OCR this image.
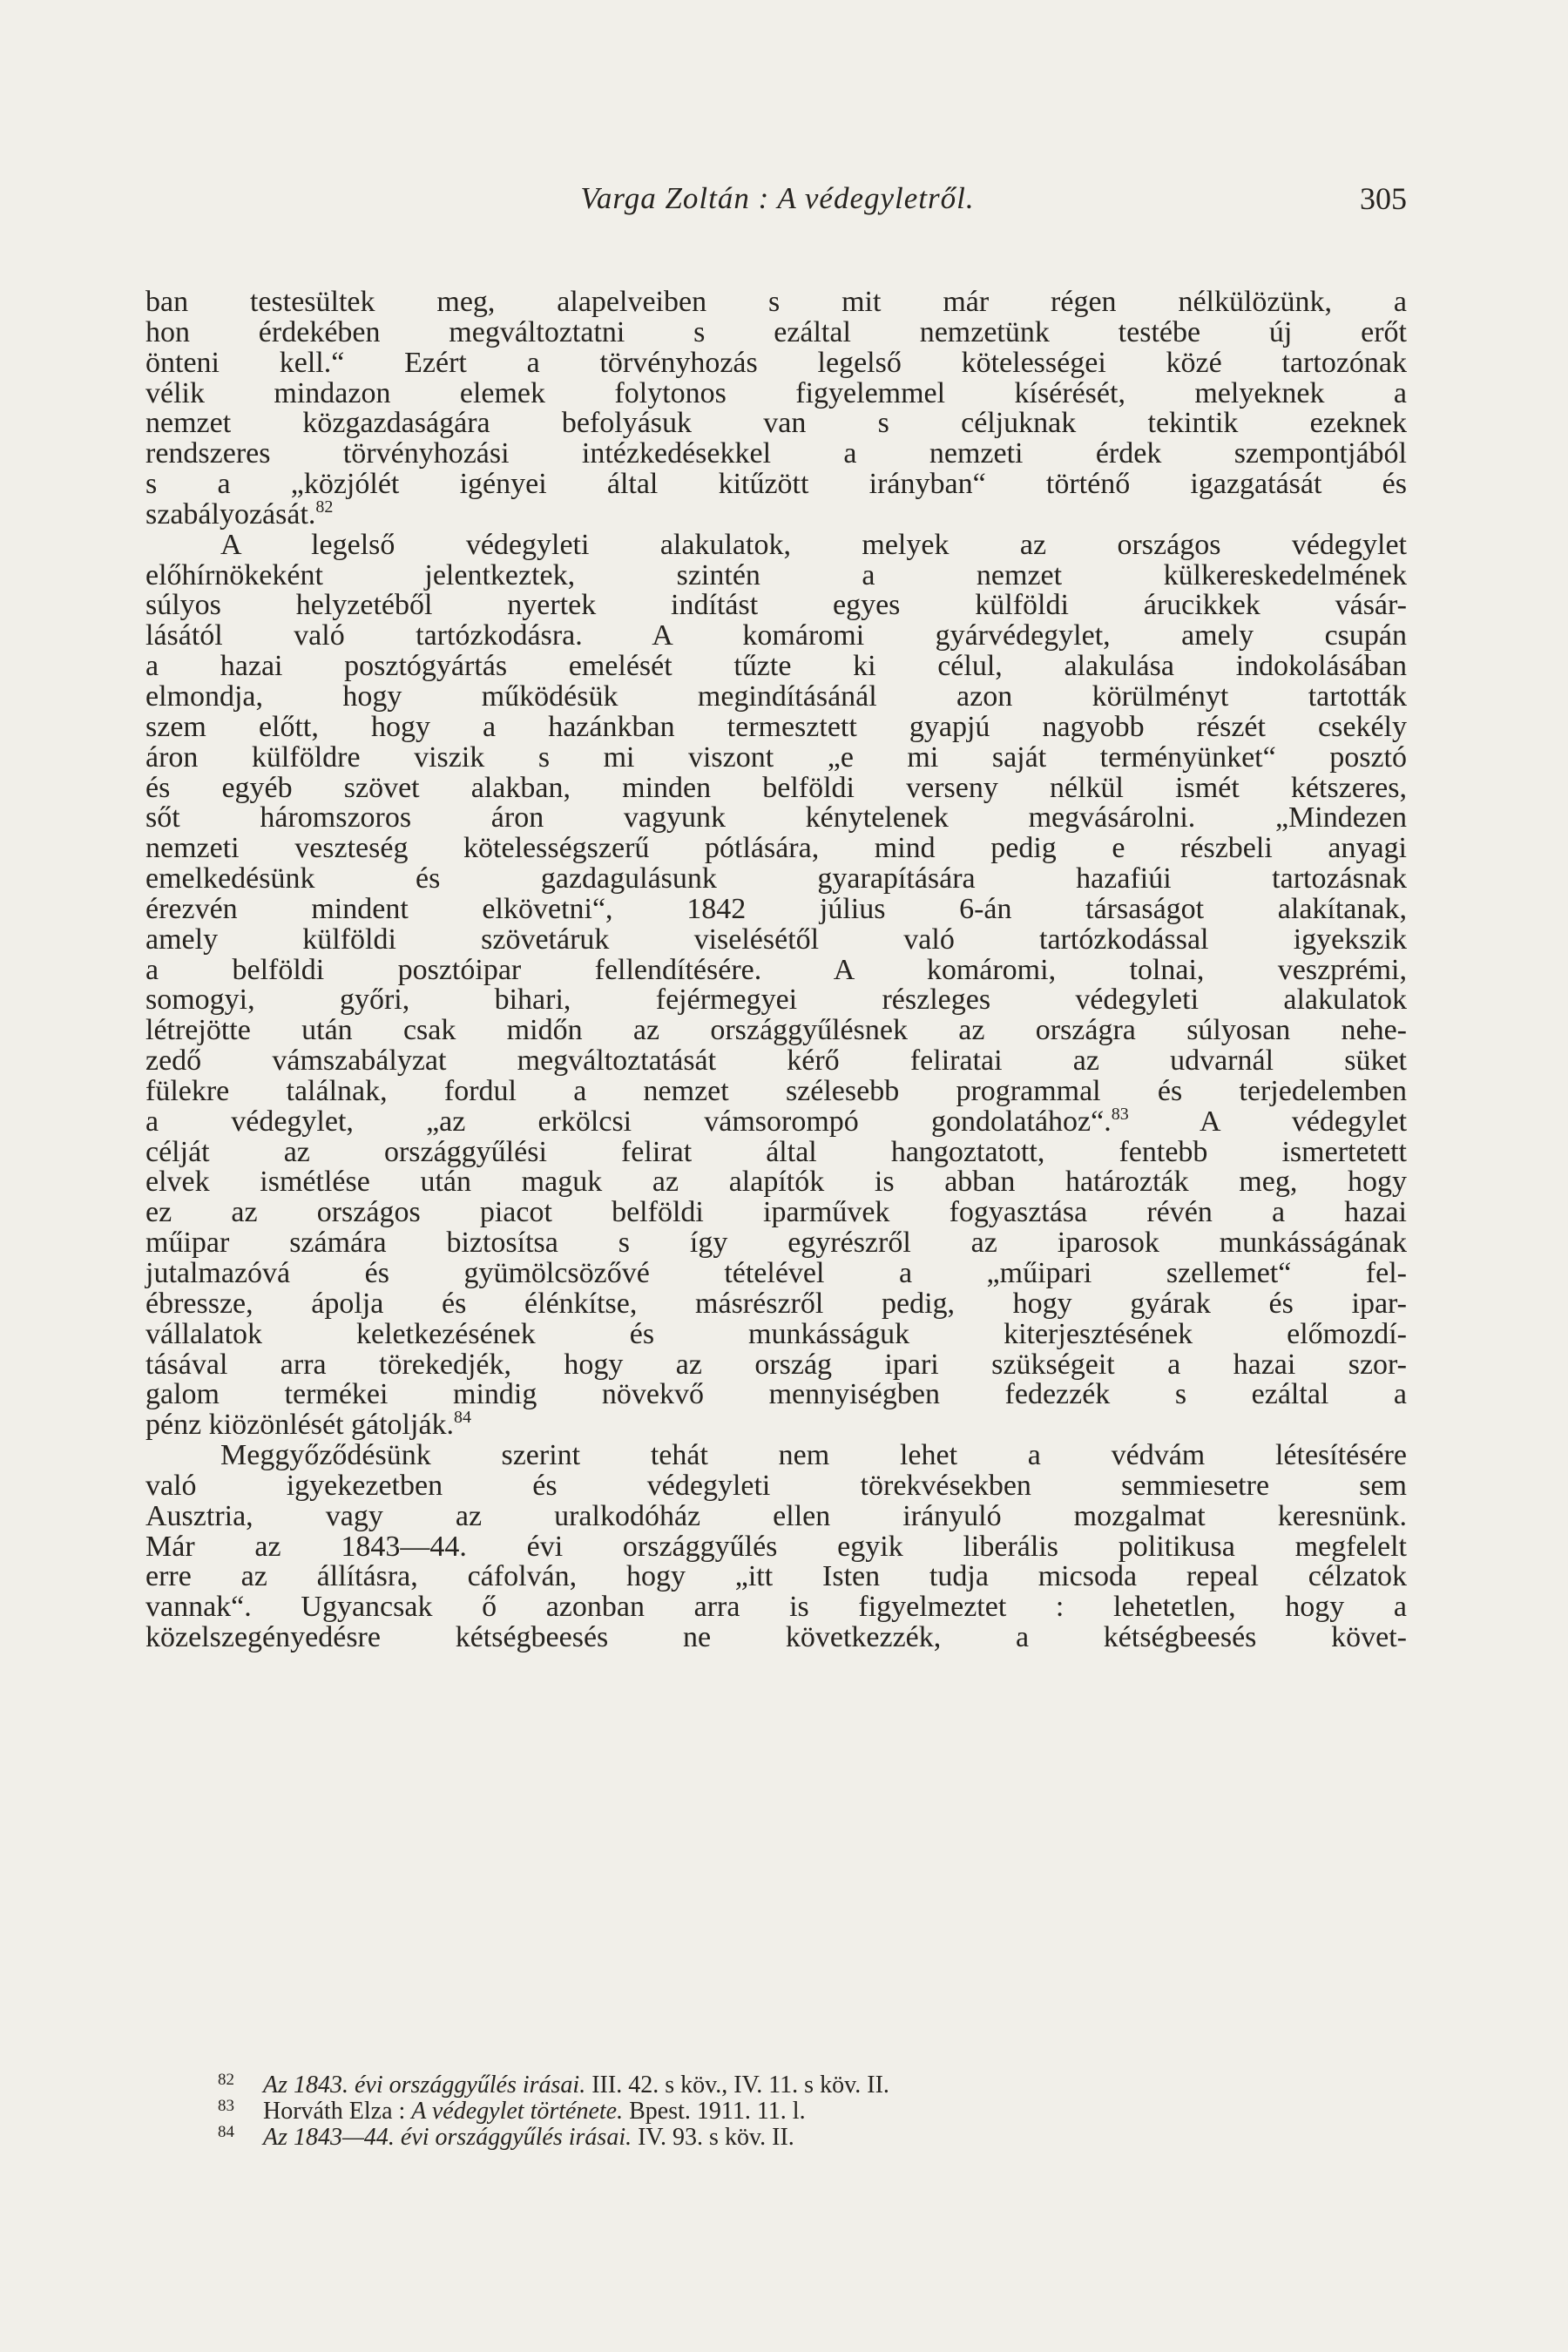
Varga Zoltán : A védegyletről.	305
ban testesültek meg, alapelveiben s mit már régen nélkülözünk, a
hon érdekében megváltoztatni s ezáltal nemzetünk testébe új erőt
önteni kell.“ Ezért a törvényhozás legelső kötelességei közé tartozónak
vélik mindazon elemek folytonos figyelemmel kísérését, melyeknek a
nemzet közgazdaságára befolyásuk van s céljuknak tekintik ezeknek
rendszeres törvényhozási intézkedésekkel a nemzeti érdek szempontjából
s a „közjólét igényei által kitűzött irányban“ történő igazgatását és
szabályozását.$^{82}$
A legelső védegyleti alakulatok, melyek az országos védegylet
előhírnökeként jelentkeztek, szintén a nemzet külkereskedelmének
súlyos helyzetéből nyertek indítást egyes külföldi árucikkek vásár-
lásától való tartózkodásra. A komáromi gyárvédegylet, amely csupán
a hazai posztógyártás emelését tűzte ki célul, alakulása indokolásában
elmondja, hogy működésük megindításánál azon körülményt tartották
szem előtt, hogy a hazánkban termesztett gyapjú nagyobb részét csekély
áron külföldre viszik s mi viszont „e mi saját terményünket“ posztó
és egyéb szövet alakban, minden belföldi verseny nélkül ismét kétszeres,
sőt háromszoros áron vagyunk kénytelenek megvásárolni. „Mindezen
nemzeti veszteség kötelességszerű pótlására, mind pedig e részbeli anyagi
emelkedésünk és gazdagulásunk gyarapítására hazafiúi tartozásnak
érezvén mindent elkövetni“, 1842 július 6-án társaságot alakítanak,
amely külföldi szövetáruk viselésétől való tartózkodással igyekszik
a belföldi posztóipar fellendítésére. A komáromi, tolnai, veszprémi,
somogyi, győri, bihari, fejérmegyei részleges védegyleti alakulatok
létrejötte után csak midőn az országgyűlésnek az országra súlyosan nehe-
zedő vámszabályzat megváltoztatását kérő feliratai az udvarnál süket
fülekre találnak, fordul a nemzet szélesebb programmal és terjedelemben
a védegylet, „az erkölcsi vámsorompó gondolatához“.$^{83}$ A védegylet
célját az országgyűlési felirat által hangoztatott, fentebb ismertetett
elvek ismétlése után maguk az alapítók is abban határozták meg, hogy
ez az országos piacot belföldi iparművek fogyasztása révén a hazai
műipar számára biztosítsa s így egyrészről az iparosok munkásságának
jutalmazóvá és gyümölcsözővé tételével a „műipari szellemet“ fel-
ébressze, ápolja és élénkítse, másrészről pedig, hogy gyárak és ipar-
vállalatok keletkezésének és munkásságuk kiterjesztésének előmozdí-
tásával arra törekedjék, hogy az ország ipari szükségeit a hazai szor-
galom termékei mindig növekvő mennyiségben fedezzék s ezáltal a
pénz kiözönlését gátolják.$^{84}$
Meggyőződésünk szerint tehát nem lehet a védvám létesítésére
való igyekezetben és védegyleti törekvésekben semmiesetre sem
Ausztria, vagy az uralkodóház ellen irányuló mozgalmat keresnünk.
Már az 1843—44. évi országgyűlés egyik liberális politikusa megfelelt
erre az állításra, cáfolván, hogy „itt Isten tudja micsoda repeal célzatok
vannak“. Ugyancsak ő azonban arra is figyelmeztet : lehetetlen, hogy a
közelszegényedésre kétségbeesés ne következzék, a kétségbeesés követ-
82 Az 1843. évi országgyűlés irásai. III. 42. s köv., IV. 11. s köv. II.
83 Horváth Elza : A védegylet története. Bpest. 1911. 11. l.
84 Az 1843—44. évi országgyűlés irásai. IV. 93. s köv. II.
